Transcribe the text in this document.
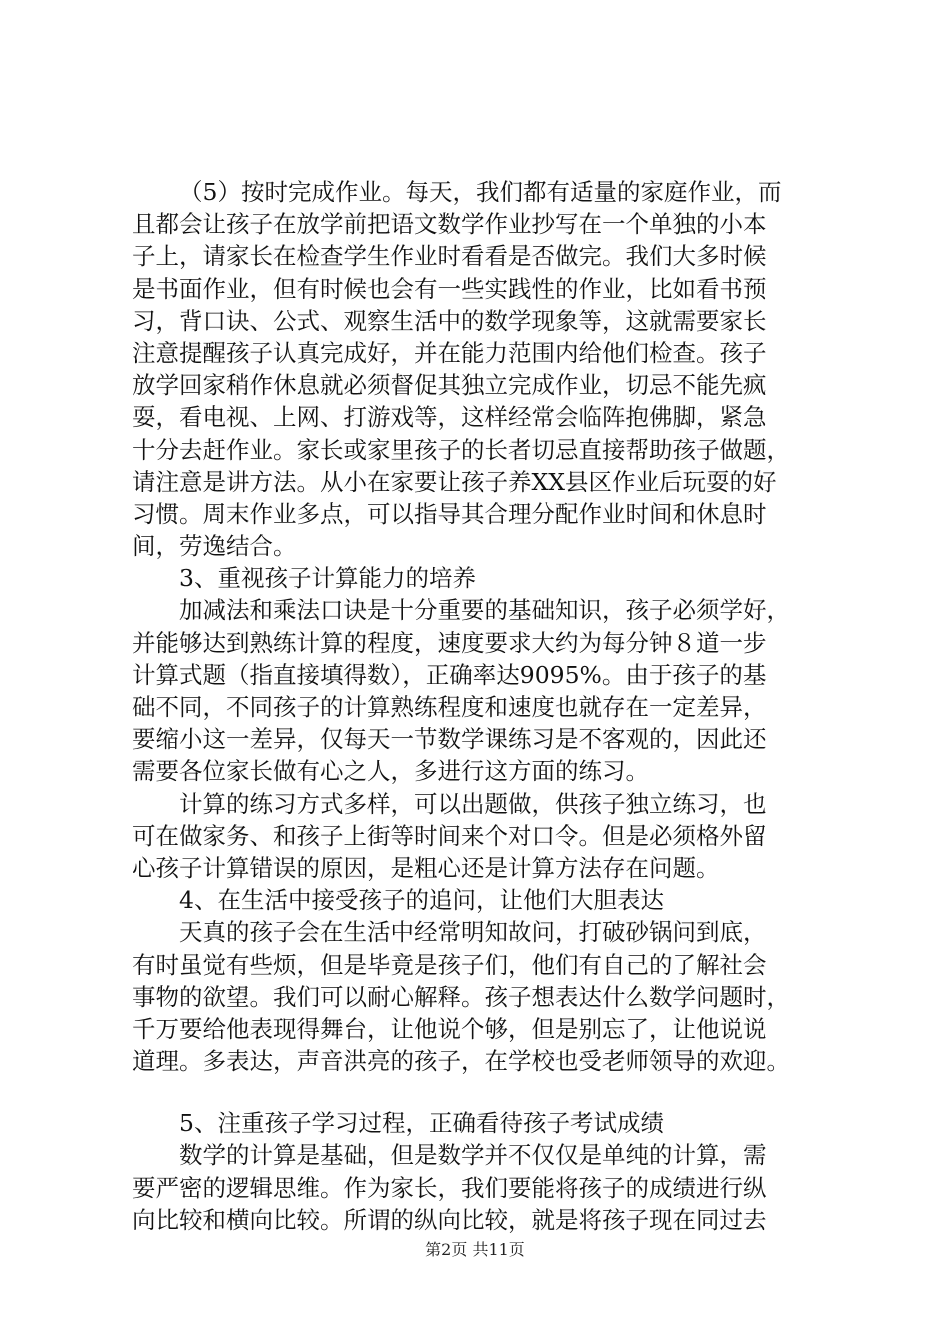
（5）按时完成作业。每天，我们都有适量的家庭作业，而
且都会让孩子在放学前把语文数学作业抄写在一个单独的小本
子上，请家长在检查学生作业时看看是否做完。我们大多时候
是书面作业，但有时候也会有一些实践性的作业，比如看书预
习，背口诀、公式、观察生活中的数学现象等，这就需要家长
注意提醒孩子认真完成好，并在能力范围内给他们检查。孩子
放学回家稍作休息就必须督促其独立完成作业，切忌不能先疯
耍，看电视、上网、打游戏等，这样经常会临阵抱佛脚，紧急
十分去赶作业。家长或家里孩子的长者切忌直接帮助孩子做题，
请注意是讲方法。从小在家要让孩子养XX县区作业后玩耍的好
习惯。周末作业多点，可以指导其合理分配作业时间和休息时
间，劳逸结合。
3、重视孩子计算能力的培养
加减法和乘法口诀是十分重要的基础知识，孩子必须学好，
并能够达到熟练计算的程度，速度要求大约为每分钟８道一步
计算式题（指直接填得数），正确率达9095%。由于孩子的基
础不同，不同孩子的计算熟练程度和速度也就存在一定差异，
要缩小这一差异，仅每天一节数学课练习是不客观的，因此还
需要各位家长做有心之人，多进行这方面的练习。
计算的练习方式多样，可以出题做，供孩子独立练习，也
可在做家务、和孩子上街等时间来个对口令。但是必须格外留
心孩子计算错误的原因，是粗心还是计算方法存在问题。
4、在生活中接受孩子的追问，让他们大胆表达
天真的孩子会在生活中经常明知故问，打破砂锅问到底，
有时虽觉有些烦，但是毕竟是孩子们，他们有自己的了解社会
事物的欲望。我们可以耐心解释。孩子想表达什么数学问题时，
千万要给他表现得舞台，让他说个够，但是别忘了，让他说说
道理。多表达，声音洪亮的孩子，在学校也受老师领导的欢迎。
5、注重孩子学习过程，正确看待孩子考试成绩
数学的计算是基础，但是数学并不仅仅是单纯的计算，需
要严密的逻辑思维。作为家长，我们要能将孩子的成绩进行纵
向比较和横向比较。所谓的纵向比较，就是将孩子现在同过去
第2页 共11页
